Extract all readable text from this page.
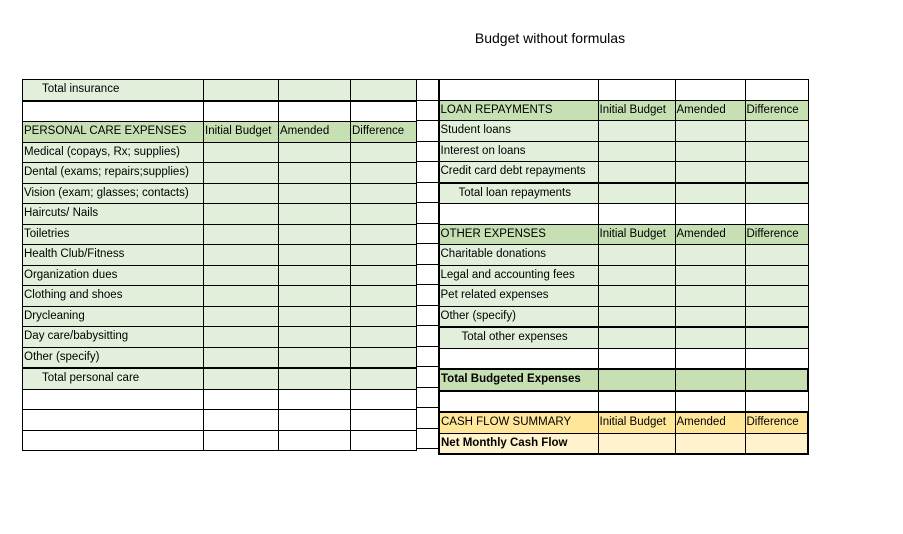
Budget without formulas
Total insurance			

PERSONAL CARE EXPENSES	Initial Budget	Amended	Difference
Medical (copays, Rx; supplies)			
Dental (exams; repairs;supplies)			
Vision (exam; glasses; contacts)			
Haircuts/ Nails			
Toiletries			
Health Club/Fitness			
Organization dues			
Clothing and shoes			
Drycleaning			
Day care/babysitting			
Other (specify)			
Total personal care			

LOAN REPAYMENTS	Initial Budget	Amended	Difference
Student loans			
Interest on loans			
Credit card debt repayments			
Total loan repayments			

OTHER EXPENSES	Initial Budget	Amended	Difference
Charitable donations			
Legal and accounting fees			
Pet related expenses			
Other (specify)			
Total other expenses			

Total Budgeted Expenses			

CASH FLOW SUMMARY	Initial Budget	Amended	Difference
Net Monthly Cash Flow			
